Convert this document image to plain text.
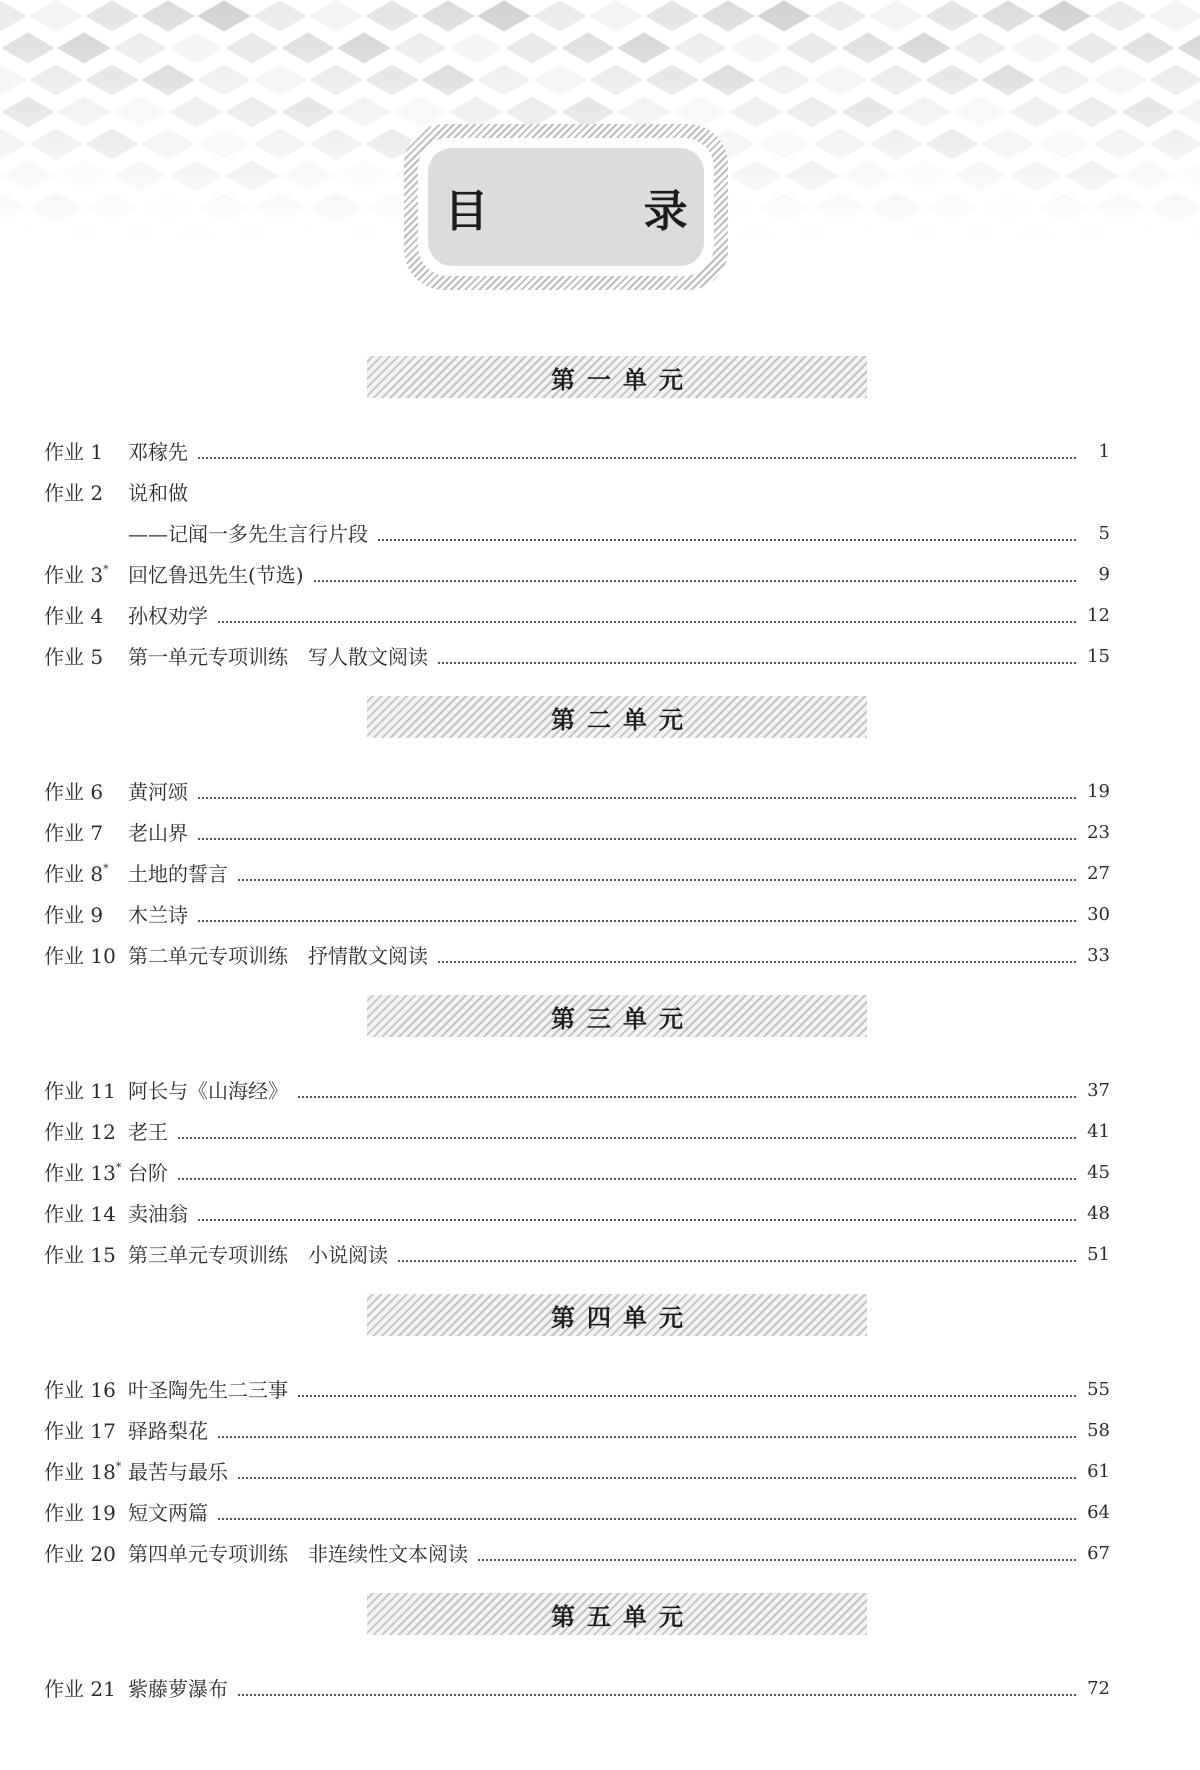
目 录
第一单元
作业 1	邓稼先	1
作业 2	说和做
——记闻一多先生言行片段	5
作业 3* 回忆鲁迅先生(节选)	9
作业 4	孙权劝学	12
作业 5	第一单元专项训练　写人散文阅读	15
第二单元
作业 6	黄河颂	19
作业 7	老山界	23
作业 8* 土地的誓言	27
作业 9	木兰诗	30
作业 10 第二单元专项训练　抒情散文阅读	33
第三单元
作业 11 阿长与《山海经》	37
作业 12 老王	41
作业 13* 台阶	45
作业 14 卖油翁	48
作业 15 第三单元专项训练　小说阅读	51
第四单元
作业 16 叶圣陶先生二三事	55
作业 17 驿路梨花	58
作业 18* 最苦与最乐	61
作业 19 短文两篇	64
作业 20 第四单元专项训练　非连续性文本阅读	67
第五单元
作业 21 紫藤萝瀑布	72
